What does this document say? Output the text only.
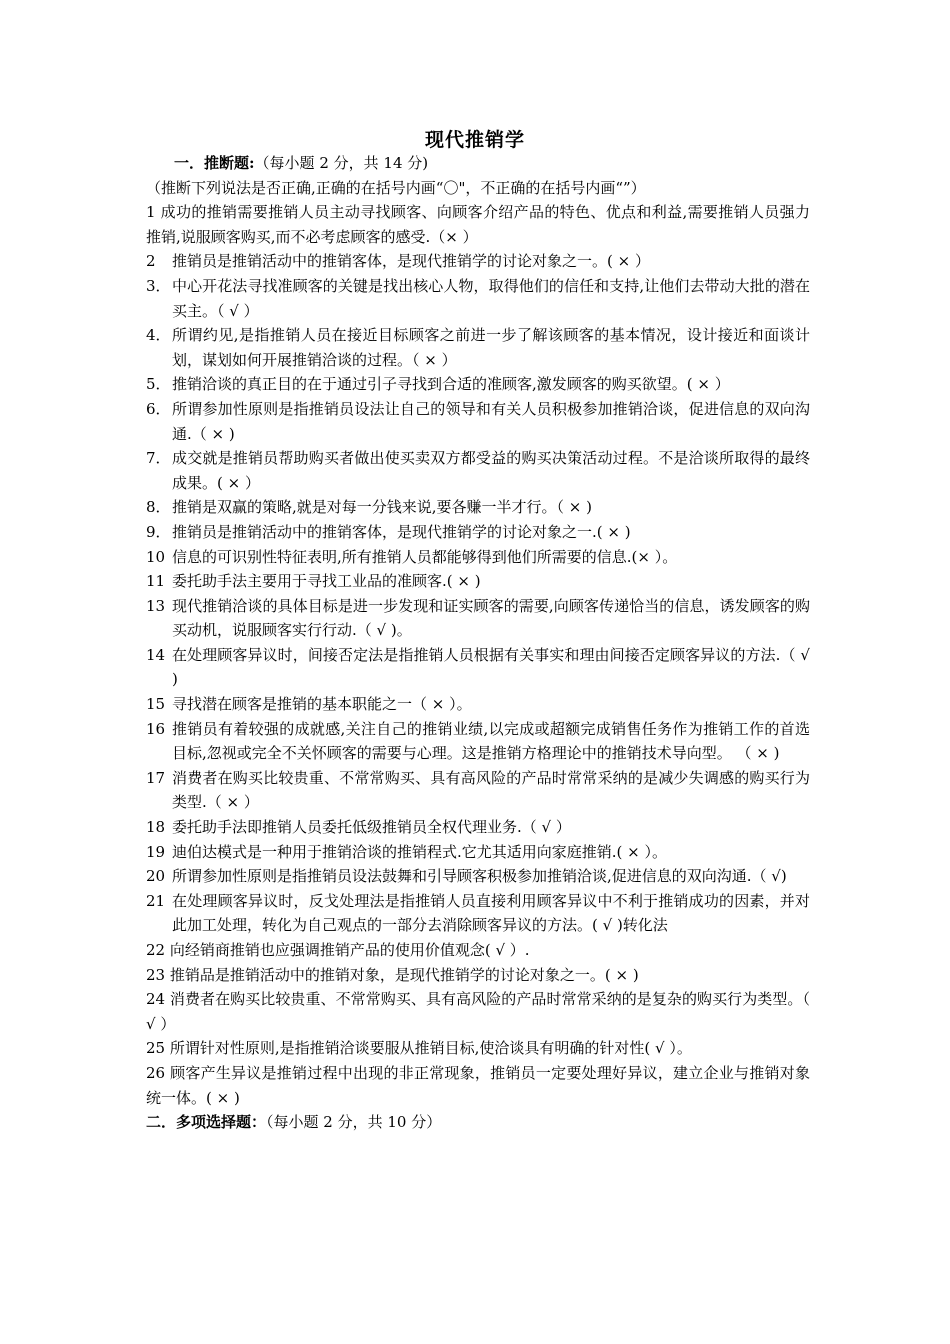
现代推销学
一．推断题:（每小题 2 分，共 14 分)
（推断下列说法是否正确,正确的在括号内画“〇"，不正确的在括号内画“”）
1 成功的推销需要推销人员主动寻找顾客、向顾客介绍产品的特色、优点和利益,需要推销人员强力推销,说服顾客购买,而不必考虑顾客的感受.（× ）
2 推销员是推销活动中的推销客体，是现代推销学的讨论对象之一。( × ）
3． 中心开花法寻找准顾客的关键是找出核心人物，取得他们的信任和支持,让他们去带动大批的潜在买主。（ √ ）
4． 所谓约见,是指推销人员在接近目标顾客之前进一步了解该顾客的基本情况，设计接近和面谈计划，谋划如何开展推销洽谈的过程。（ × ）
5． 推销洽谈的真正目的在于通过引子寻找到合适的准顾客,激发顾客的购买欲望。( × ）
6． 所谓参加性原则是指推销员设法让自己的领导和有关人员积极参加推销洽谈，促进信息的双向沟通.（ × )
7． 成交就是推销员帮助购买者做出使买卖双方都受益的购买决策活动过程。不是洽谈所取得的最终成果。( × ）
8． 推销是双赢的策略,就是对每一分钱来说,要各赚一半才行。（ × )
9． 推销员是推销活动中的推销客体，是现代推销学的讨论对象之一.( × )
10 信息的可识别性特征表明,所有推销人员都能够得到他们所需要的信息.(× ）。
11 委托助手法主要用于寻找工业品的准顾客.( × )
13 现代推销洽谈的具体目标是进一步发现和证实顾客的需要,向顾客传递恰当的信息，诱发顾客的购买动机，说服顾客实行行动.（ √ )。
14 在处理顾客异议时，间接否定法是指推销人员根据有关事实和理由间接否定顾客异议的方法.（ √ )
15 寻找潜在顾客是推销的基本职能之一（ × ）。
16 推销员有着较强的成就感,关注自己的推销业绩,以完成或超额完成销售任务作为推销工作的首选目标,忽视或完全不关怀顾客的需要与心理。这是推销方格理论中的推销技术导向型。 （ × )
17 消费者在购买比较贵重、不常常购买、具有高风险的产品时常常采纳的是减少失调感的购买行为类型.（ × ）
18 委托助手法即推销人员委托低级推销员全权代理业务.（ √ ）
19 迪伯达模式是一种用于推销洽谈的推销程式.它尤其适用向家庭推销.( × ）。
20 所谓参加性原则是指推销员设法鼓舞和引导顾客积极参加推销洽谈,促进信息的双向沟通.（ √)
21 在处理顾客异议时，反戈处理法是指推销人员直接利用顾客异议中不利于推销成功的因素，并对此加工处理，转化为自己观点的一部分去消除顾客异议的方法。( √ )转化法
22 向经销商推销也应强调推销产品的使用价值观念( √ ）.
23 推销品是推销活动中的推销对象，是现代推销学的讨论对象之一。( × )
24 消费者在购买比较贵重、不常常购买、具有高风险的产品时常常采纳的是复杂的购买行为类型。（ √ ）
25 所谓针对性原则,是指推销洽谈要服从推销目标,使洽谈具有明确的针对性( √ ）。
26 顾客产生异议是推销过程中出现的非正常现象，推销员一定要处理好异议，建立企业与推销对象统一体。( × )
二．多项选择题：（每小题 2 分，共 10 分）
